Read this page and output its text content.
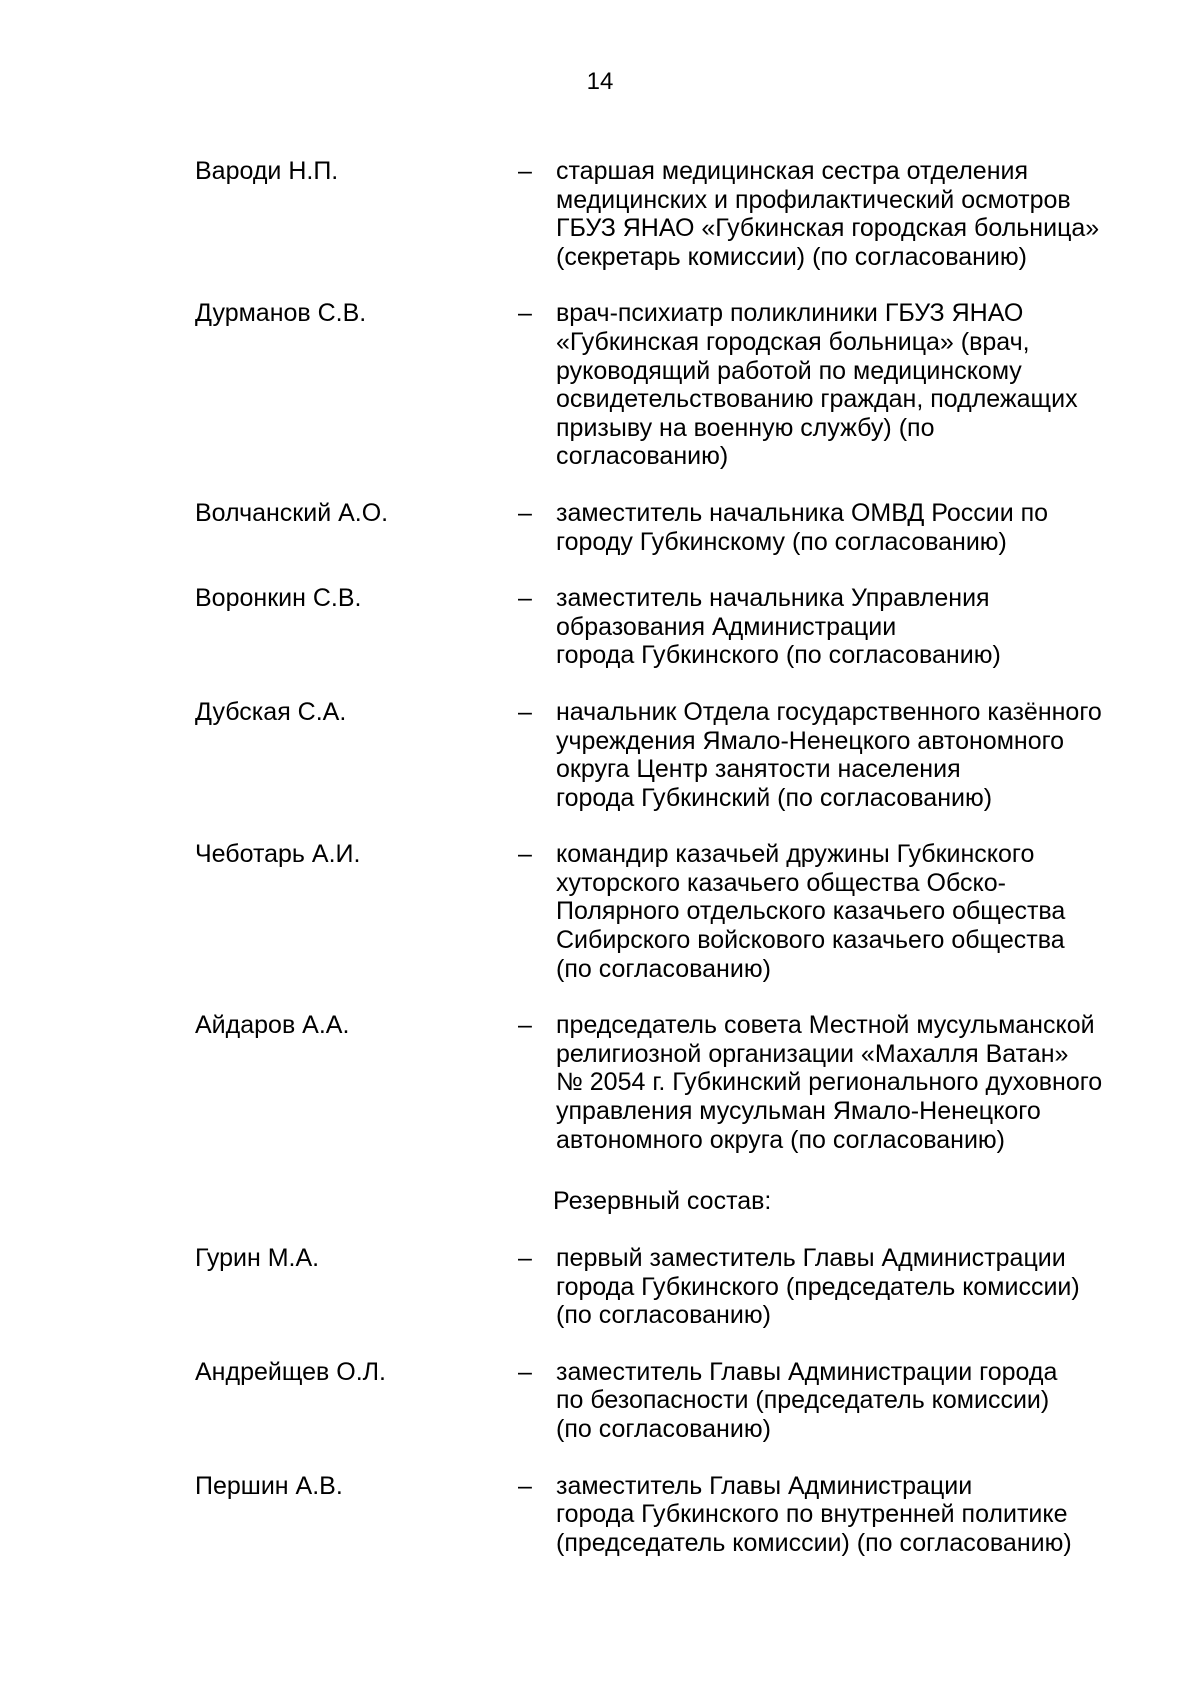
14
Вароди Н.П.	– старшая медицинская сестра отделения
медицинских и профилактический осмотров
ГБУЗ ЯНАО «Губкинская городская больница»
(секретарь комиссии) (по согласованию)
Дурманов С.В.	– врач-психиатр поликлиники ГБУЗ ЯНАО
«Губкинская городская больница» (врач,
руководящий работой по медицинскому
освидетельствованию граждан, подлежащих
призыву на военную службу) (по
согласованию)
Волчанский А.О.	– заместитель начальника ОМВД России по
городу Губкинскому (по согласованию)
Воронкин С.В.	– заместитель начальника Управления
образования Администрации
города Губкинского (по согласованию)
Дубская С.А.	– начальник Отдела государственного казённого
учреждения Ямало-Ненецкого автономного
округа Центр занятости населения
города Губкинский (по согласованию)
Чеботарь А.И.	– командир казачьей дружины Губкинского
хуторского казачьего общества Обско-
Полярного отдельского казачьего общества
Сибирского войскового казачьего общества
(по согласованию)
Айдаров А.А.	– председатель совета Местной мусульманской
религиозной организации «Махалля Ватан»
№ 2054 г. Губкинский регионального духовного
управления мусульман Ямало-Ненецкого
автономного округа (по согласованию)
Резервный состав:
Гурин М.А.	– первый заместитель Главы Администрации
города Губкинского (председатель комиссии)
(по согласованию)
Андрейщев О.Л.	– заместитель Главы Администрации города
по безопасности (председатель комиссии)
(по согласованию)
Першин А.В.	– заместитель Главы Администрации
города Губкинского по внутренней политике
(председатель комиссии) (по согласованию)
